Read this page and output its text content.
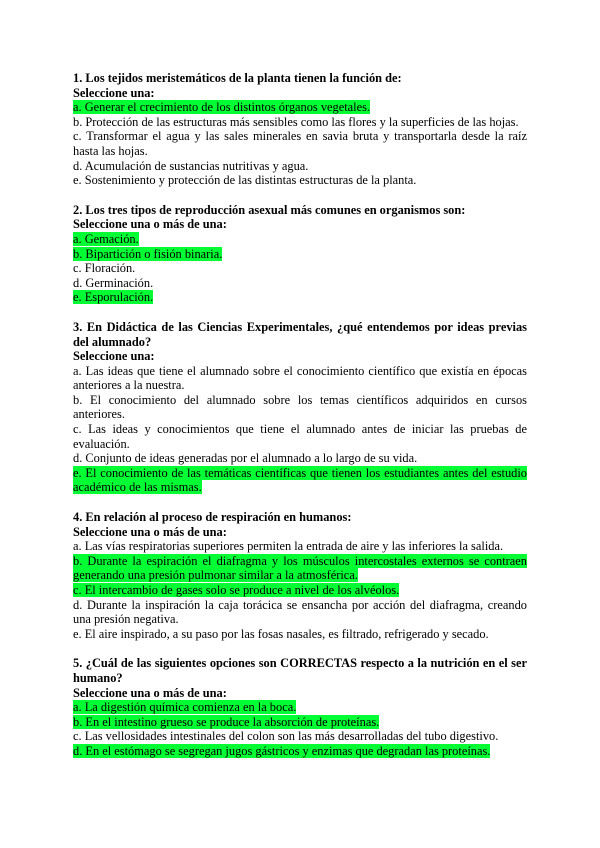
1. Los tejidos meristemáticos de la planta tienen la función de:
Seleccione una:
a. Generar el crecimiento de los distintos órganos vegetales.
b. Protección de las estructuras más sensibles como las flores y la superficies de las hojas.
c. Transformar el agua y las sales minerales en savia bruta y transportarla desde la raíz hasta las hojas.
d. Acumulación de sustancias nutritivas y agua.
e. Sostenimiento y protección de las distintas estructuras de la planta.
2. Los tres tipos de reproducción asexual más comunes en organismos son:
Seleccione una o más de una:
a. Gemación.
b. Bipartición o fisión binaria.
c. Floración.
d. Germinación.
e. Esporulación.
3. En Didáctica de las Ciencias Experimentales, ¿qué entendemos por ideas previas del alumnado?
Seleccione una:
a. Las ideas que tiene el alumnado sobre el conocimiento científico que existía en épocas anteriores a la nuestra.
b. El conocimiento del alumnado sobre los temas científicos adquiridos en cursos anteriores.
c. Las ideas y conocimientos que tiene el alumnado antes de iniciar las pruebas de evaluación.
d. Conjunto de ideas generadas por el alumnado a lo largo de su vida.
e. El conocimiento de las temáticas científicas que tienen los estudiantes antes del estudio académico de las mismas.
4. En relación al proceso de respiración en humanos:
Seleccione una o más de una:
a. Las vías respiratorias superiores permiten la entrada de aire y las inferiores la salida.
b. Durante la espiración el diafragma y los músculos intercostales externos se contraen generando una presión pulmonar similar a la atmosférica.
c. El intercambio de gases solo se produce a nivel de los alvéolos.
d. Durante la inspiración la caja torácica se ensancha por acción del diafragma, creando una presión negativa.
e. El aire inspirado, a su paso por las fosas nasales, es filtrado, refrigerado y secado.
5. ¿Cuál de las siguientes opciones son CORRECTAS respecto a la nutrición en el ser humano?
Seleccione una o más de una:
a. La digestión química comienza en la boca.
b. En el intestino grueso se produce la absorción de proteínas.
c. Las vellosidades intestinales del colon son las más desarrolladas del tubo digestivo.
d. En el estómago se segregan jugos gástricos y enzimas que degradan las proteínas.
